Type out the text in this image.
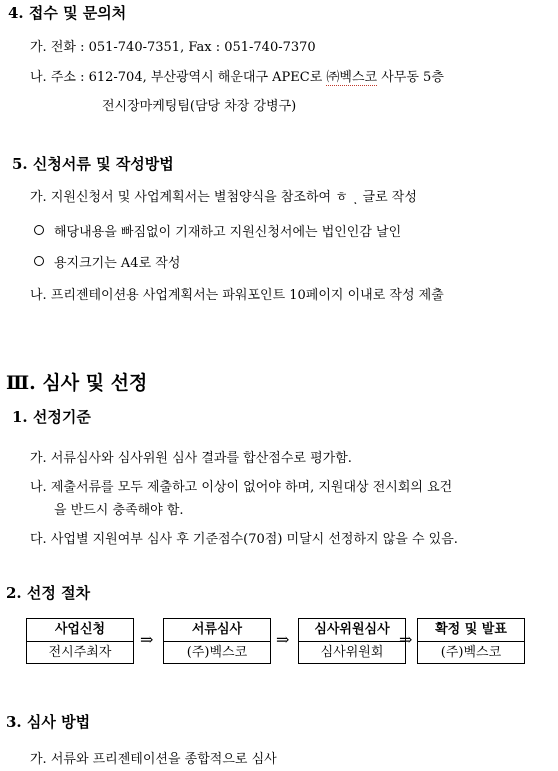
4. 접수 및 문의처
가. 전화 : 051-740-7351, Fax : 051-740-7370
나. 주소 : 612-704, 부산광역시 해운대구 APEC로 ㈜벡스코 사무동 5층
전시장마케팅팀(담당 차장 강병구)
5. 신청서류 및 작성방법
가. 지원신청서 및 사업계획서는 별첨양식을 참조하여 ㅎ ͺ 글로 작성
해당내용을 빠짐없이 기재하고 지원신청서에는 법인인감 날인
용지크기는 A4로 작성
나. 프리젠테이션용 사업계획서는 파워포인트 10페이지 이내로 작성 제출
Ⅲ. 심사 및 선정
1. 선정기준
가. 서류심사와 심사위원 심사 결과를 합산점수로 평가함.
나. 제출서류를 모두 제출하고 이상이 없어야 하며, 지원대상 전시회의 요건
을 반드시 충족해야 함.
다. 사업별 지원여부 심사 후 기준점수(70점) 미달시 선정하지 않을 수 있음.
2. 선정 절차
사업신청
전시주최자
⇒
서류심사
(주)벡스코
⇒
심사위원심사
심사위원회
⇒
확정 및 발표
(주)벡스코
3. 심사 방법
가. 서류와 프리젠테이션을 종합적으로 심사
